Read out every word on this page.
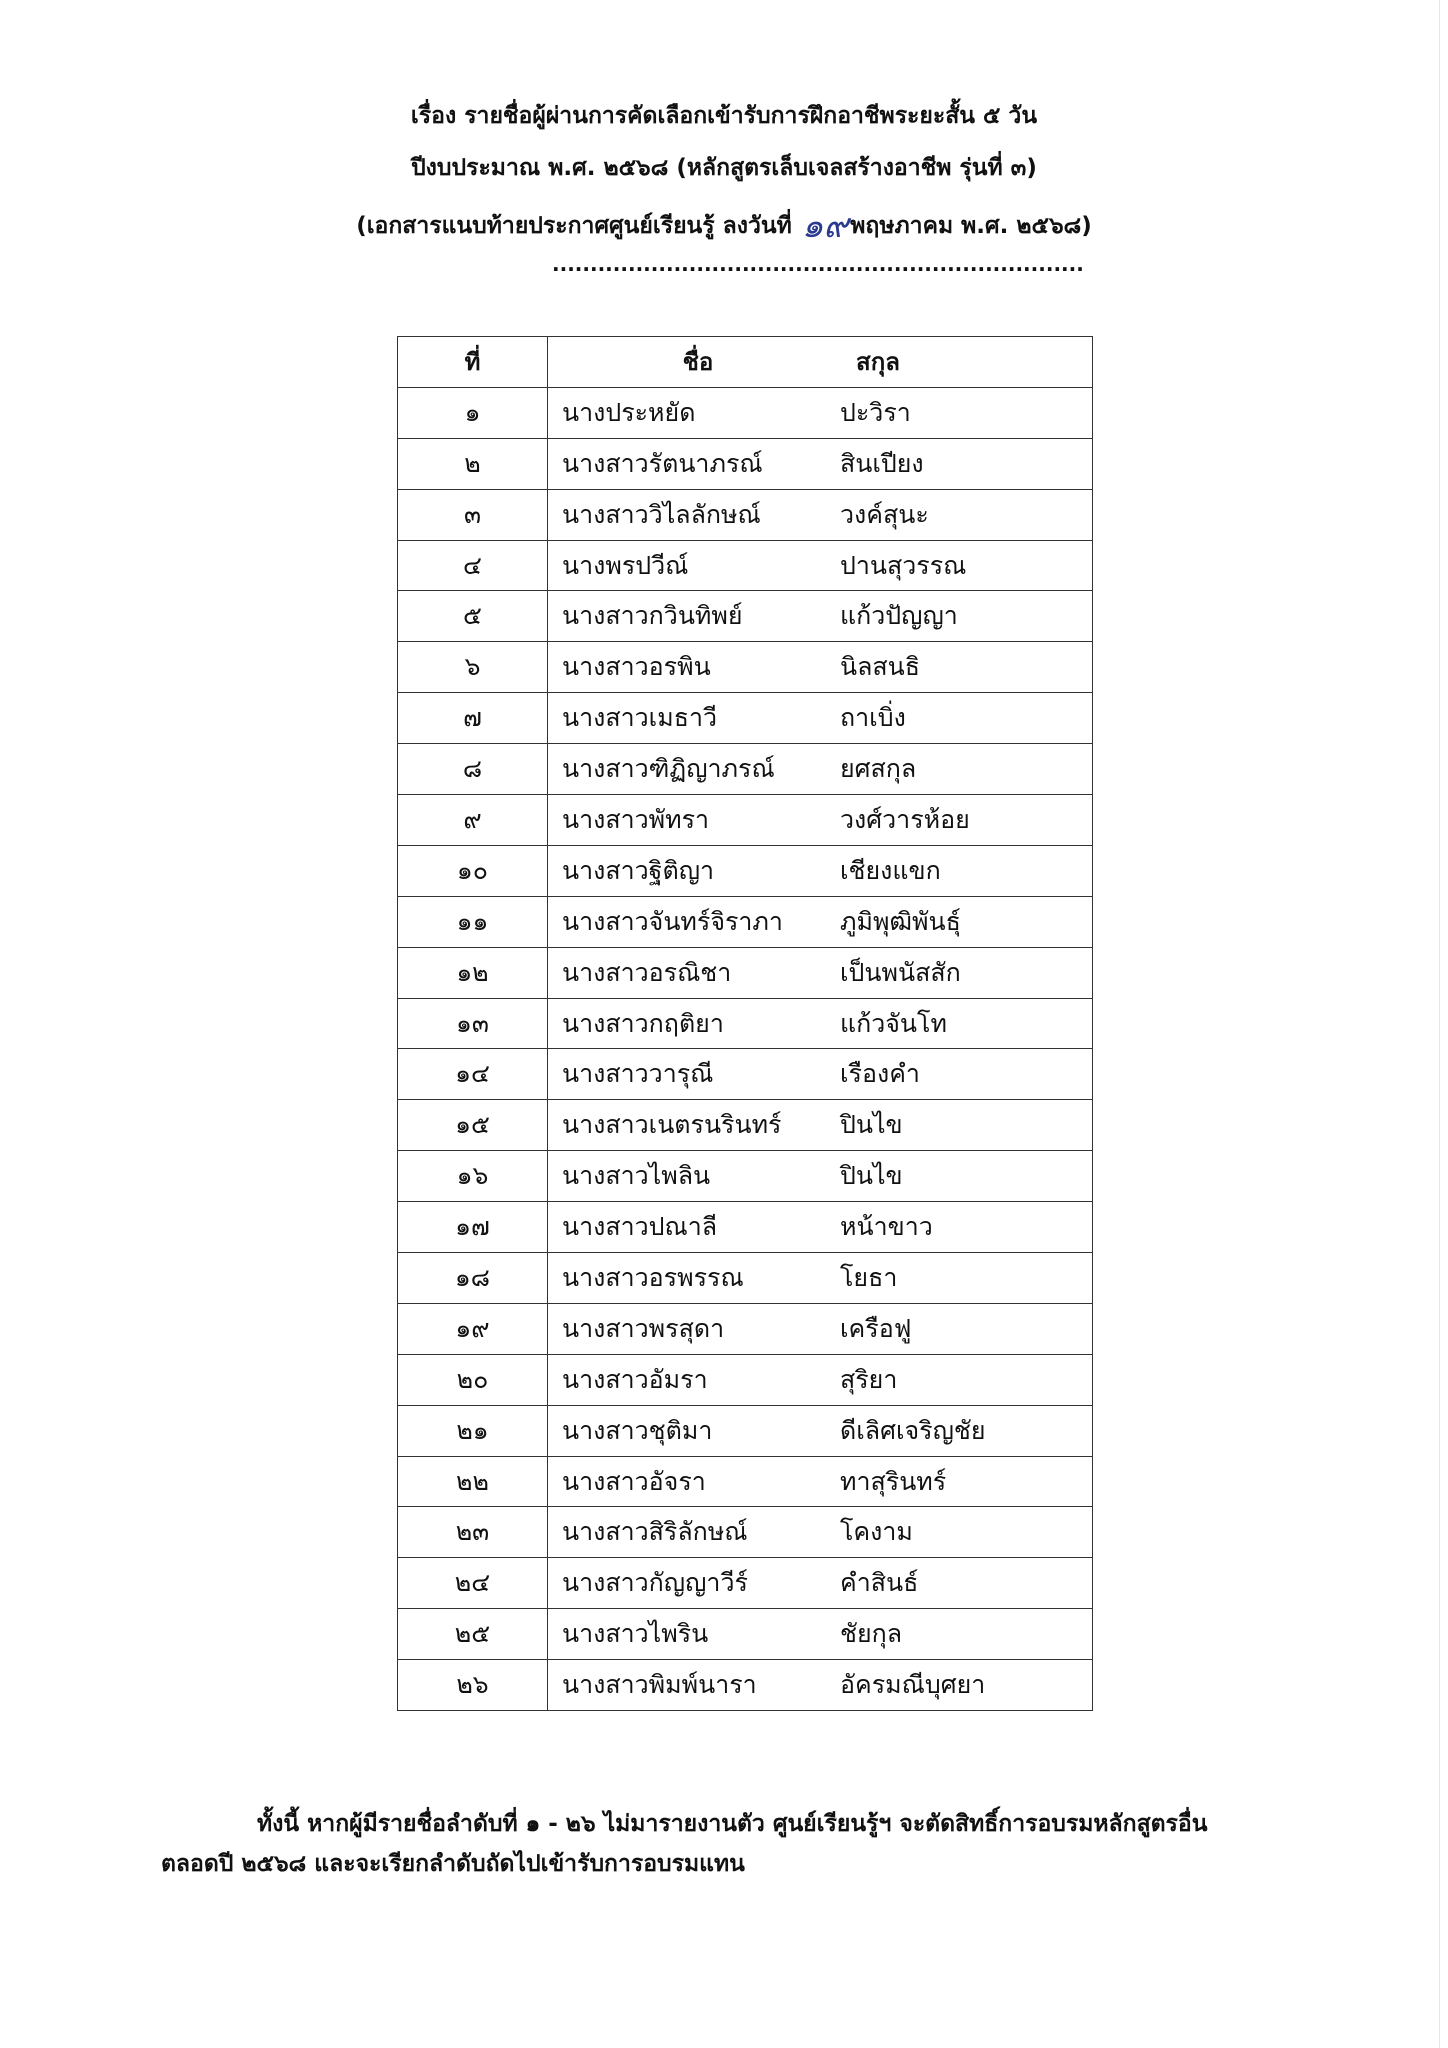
เรื่อง รายชื่อผู้ผ่านการคัดเลือกเข้ารับการฝึกอาชีพระยะสั้น ๕ วัน
ปีงบประมาณ พ.ศ. ๒๕๖๘ (หลักสูตรเล็บเจลสร้างอาชีพ รุ่นที่ ๓)
(เอกสารแนบท้ายประกาศศูนย์เรียนรู้ ลงวันที่ ๑๙พฤษภาคม พ.ศ. ๒๕๖๘)
......................................................................
ที่	ชื่อ สกุล
๑	นางประหยัด ปะวิรา
๒	นางสาวรัตนาภรณ์ สินเปียง
๓	นางสาววิไลลักษณ์ วงค์สุนะ
๔	นางพรปวีณ์ ปานสุวรรณ
๕	นางสาวกวินทิพย์ แก้วปัญญา
๖	นางสาวอรพิน นิลสนธิ
๗	นางสาวเมธาวี ถาเบิ่ง
๘	นางสาวฑิฏิญาภรณ์ ยศสกุล
๙	นางสาวพัทรา วงศ์วารห้อย
๑๐	นางสาวฐิติญา เชียงแขก
๑๑	นางสาวจันทร์จิราภา ภูมิพุฒิพันธุ์
๑๒	นางสาวอรณิชา เป็นพนัสสัก
๑๓	นางสาวกฤติยา แก้วจันโท
๑๔	นางสาววารุณี เรืองคำ
๑๕	นางสาวเนตรนรินทร์ ปินไข
๑๖	นางสาวไพลิน ปินไข
๑๗	นางสาวปณาลี หน้าขาว
๑๘	นางสาวอรพรรณ โยธา
๑๙	นางสาวพรสุดา เครือฟู
๒๐	นางสาวอัมรา สุริยา
๒๑	นางสาวชุติมา ดีเลิศเจริญชัย
๒๒	นางสาวอัจรา ทาสุรินทร์
๒๓	นางสาวสิริลักษณ์ โคงาม
๒๔	นางสาวกัญญาวีร์ คำสินธ์
๒๕	นางสาวไพริน ชัยกุล
๒๖	นางสาวพิมพ์นารา อัครมณีบุศยา
ทั้งนี้ หากผู้มีรายชื่อลำดับที่ ๑ - ๒๖ ไม่มารายงานตัว ศูนย์เรียนรู้ฯ จะตัดสิทธิ์การอบรมหลักสูตรอื่น
ตลอดปี ๒๕๖๘ และจะเรียกลำดับถัดไปเข้ารับการอบรมแทน
